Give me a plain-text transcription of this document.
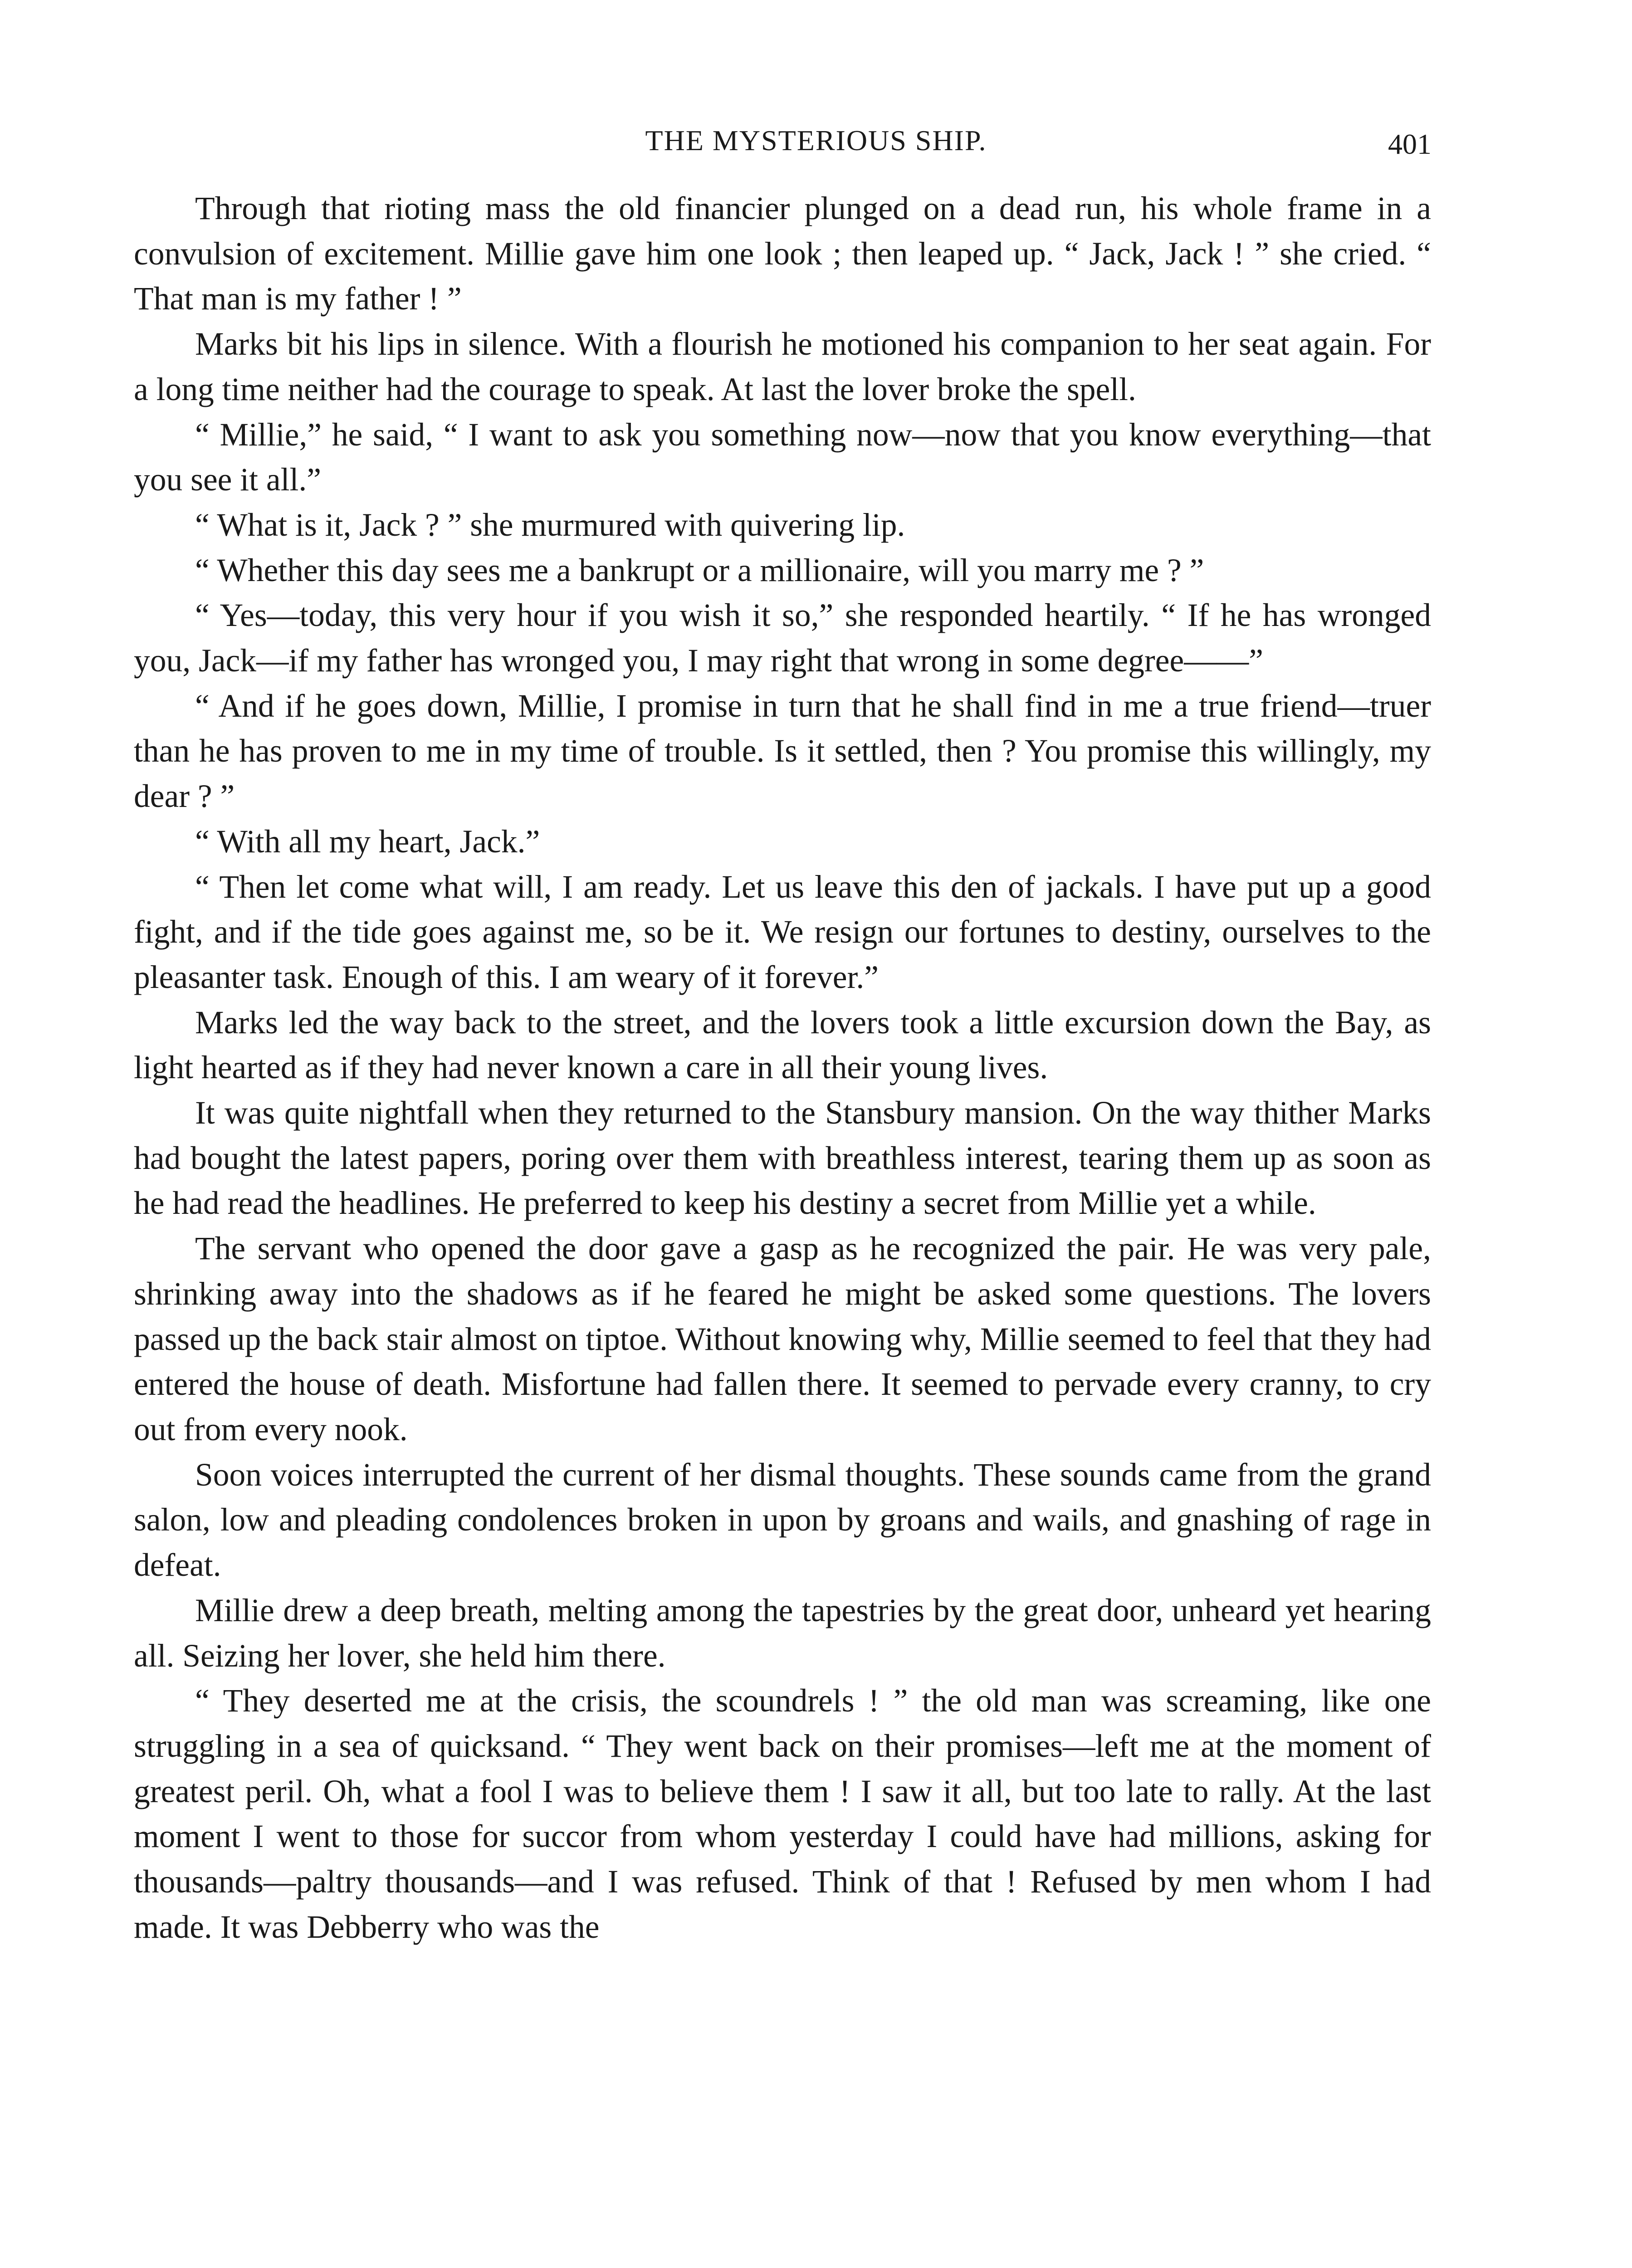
THE MYSTERIOUS SHIP.	401

Through that rioting mass the old financier plunged on a dead run, his whole frame in a convulsion of excitement. Millie gave him one look ; then leaped up. “ Jack, Jack ! ” she cried. “ That man is my father ! ”

Marks bit his lips in silence. With a flourish he motioned his companion to her seat again. For a long time neither had the courage to speak. At last the lover broke the spell.

“ Millie,” he said, “ I want to ask you something now—now that you know everything—that you see it all.”

“ What is it, Jack ? ” she murmured with quivering lip.

“ Whether this day sees me a bankrupt or a millionaire, will you marry me ? ”

“ Yes—today, this very hour if you wish it so,” she responded heartily. “ If he has wronged you, Jack—if my father has wronged you, I may right that wrong in some degree——”

“ And if he goes down, Millie, I promise in turn that he shall find in me a true friend—truer than he has proven to me in my time of trouble. Is it settled, then ? You promise this willingly, my dear ? ”

“ With all my heart, Jack.”

“ Then let come what will, I am ready. Let us leave this den of jackals. I have put up a good fight, and if the tide goes against me, so be it. We resign our fortunes to destiny, ourselves to the pleasanter task. Enough of this. I am weary of it forever.”

Marks led the way back to the street, and the lovers took a little excursion down the Bay, as light hearted as if they had never known a care in all their young lives.

It was quite nightfall when they returned to the Stansbury mansion. On the way thither Marks had bought the latest papers, poring over them with breathless interest, tearing them up as soon as he had read the headlines. He preferred to keep his destiny a secret from Millie yet a while.

The servant who opened the door gave a gasp as he recognized the pair. He was very pale, shrinking away into the shadows as if he feared he might be asked some questions. The lovers passed up the back stair almost on tiptoe. Without knowing why, Millie seemed to feel that they had entered the house of death. Misfortune had fallen there. It seemed to pervade every cranny, to cry out from every nook.

Soon voices interrupted the current of her dismal thoughts. These sounds came from the grand salon, low and pleading condolences broken in upon by groans and wails, and gnashing of rage in defeat.

Millie drew a deep breath, melting among the tapestries by the great door, unheard yet hearing all. Seizing her lover, she held him there.

“ They deserted me at the crisis, the scoundrels ! ” the old man was screaming, like one struggling in a sea of quicksand. “ They went back on their promises—left me at the moment of greatest peril. Oh, what a fool I was to believe them ! I saw it all, but too late to rally. At the last moment I went to those for succor from whom yesterday I could have had millions, asking for thousands—paltry thousands—and I was refused. Think of that ! Refused by men whom I had made. It was Debberry who was the
